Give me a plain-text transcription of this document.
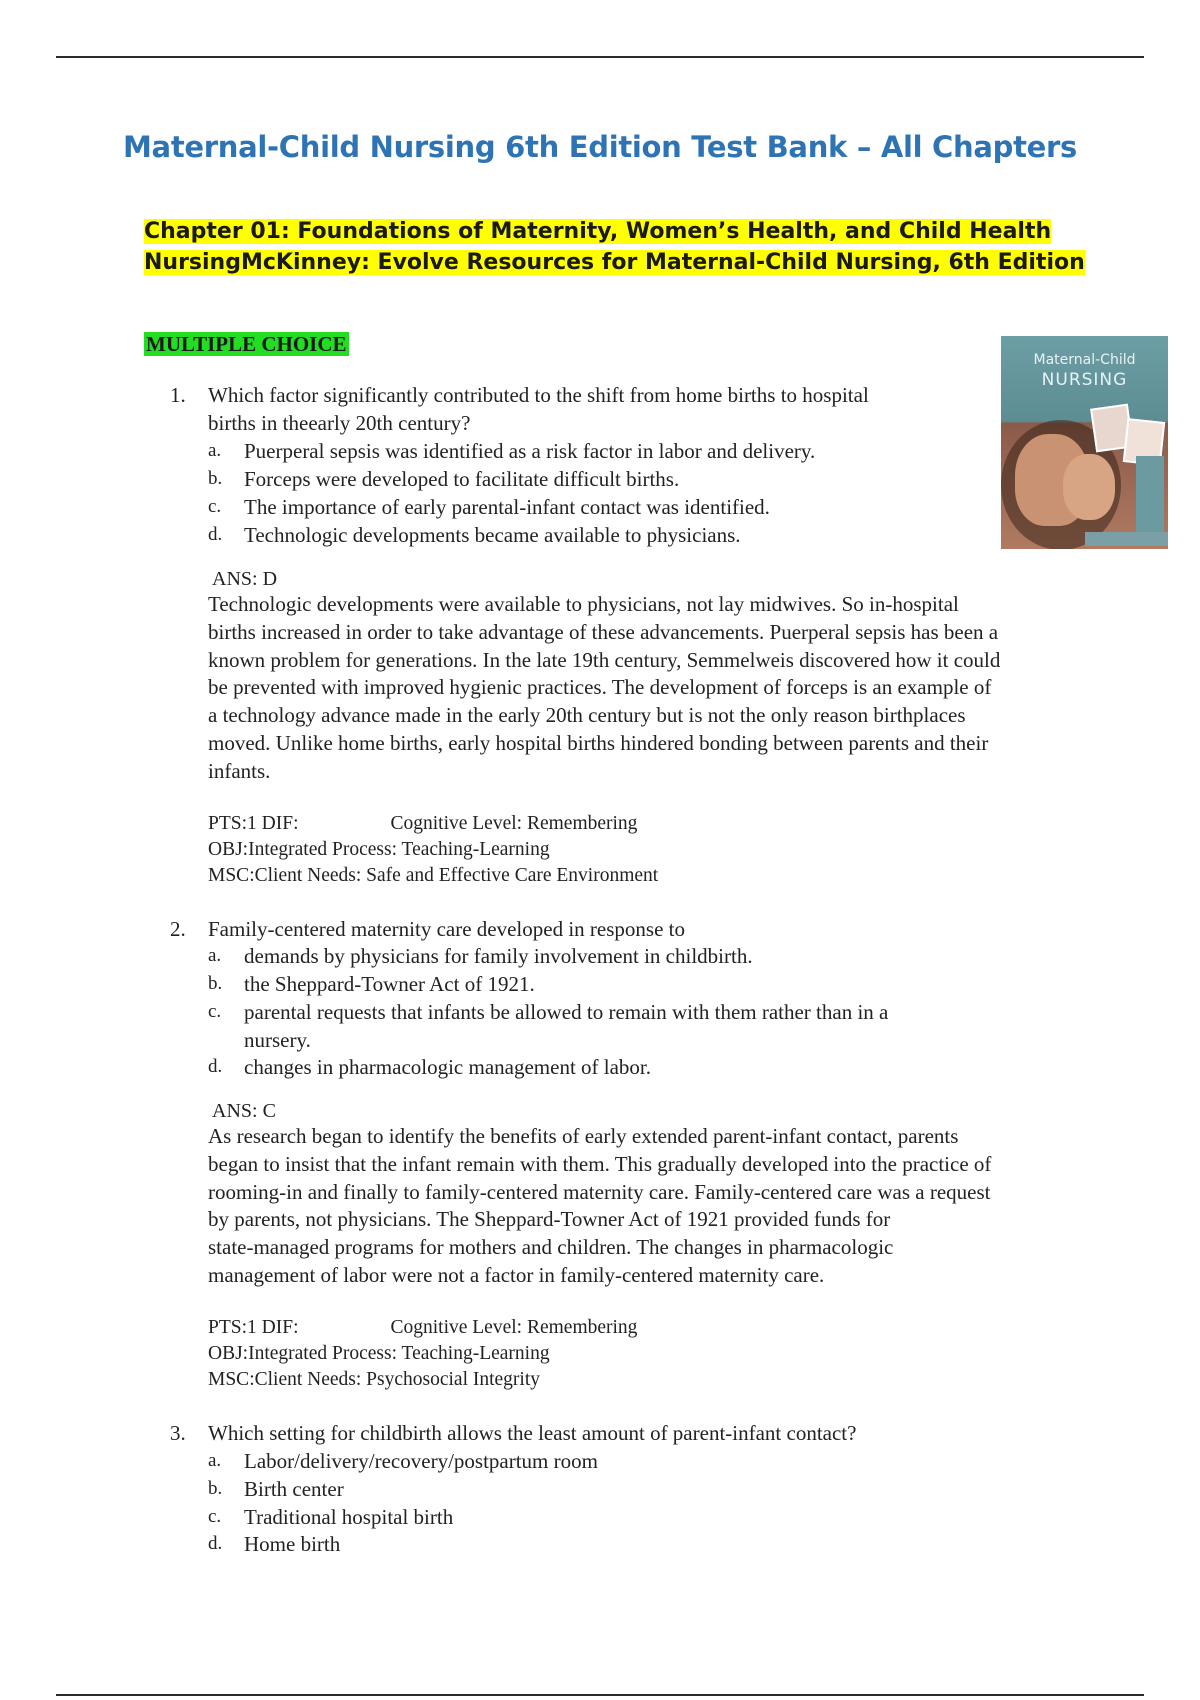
Maternal-Child Nursing 6th Edition Test Bank – All Chapters
Chapter 01: Foundations of Maternity, Women’s Health, and Child Health
NursingMcKinney: Evolve Resources for Maternal-Child Nursing, 6th Edition
MULTIPLE CHOICE
Maternal-Child
NURSING
1. Which factor significantly contributed to the shift from home births to hospital
births in theearly 20th century?
a. Puerperal sepsis was identified as a risk factor in labor and delivery.
b. Forceps were developed to facilitate difficult births.
c. The importance of early parental-infant contact was identified.
d. Technologic developments became available to physicians.
ANS: D
Technologic developments were available to physicians, not lay midwives. So in-hospital
births increased in order to take advantage of these advancements. Puerperal sepsis has been a
known problem for generations. In the late 19th century, Semmelweis discovered how it could
be prevented with improved hygienic practices. The development of forceps is an example of
a technology advance made in the early 20th century but is not the only reason birthplaces
moved. Unlike home births, early hospital births hindered bonding between parents and their
infants.
PTS:1 DIF:	Cognitive Level: Remembering
OBJ:Integrated Process: Teaching-Learning
MSC:Client Needs: Safe and Effective Care Environment
2. Family-centered maternity care developed in response to
a. demands by physicians for family involvement in childbirth.
b. the Sheppard-Towner Act of 1921.
c. parental requests that infants be allowed to remain with them rather than in a
nursery.
d. changes in pharmacologic management of labor.
ANS: C
As research began to identify the benefits of early extended parent-infant contact, parents
began to insist that the infant remain with them. This gradually developed into the practice of
rooming-in and finally to family-centered maternity care. Family-centered care was a request
by parents, not physicians. The Sheppard-Towner Act of 1921 provided funds for
state-managed programs for mothers and children. The changes in pharmacologic
management of labor were not a factor in family-centered maternity care.
PTS:1 DIF:	Cognitive Level: Remembering
OBJ:Integrated Process: Teaching-Learning
MSC:Client Needs: Psychosocial Integrity
3. Which setting for childbirth allows the least amount of parent-infant contact?
a. Labor/delivery/recovery/postpartum room
b. Birth center
c. Traditional hospital birth
d. Home birth
